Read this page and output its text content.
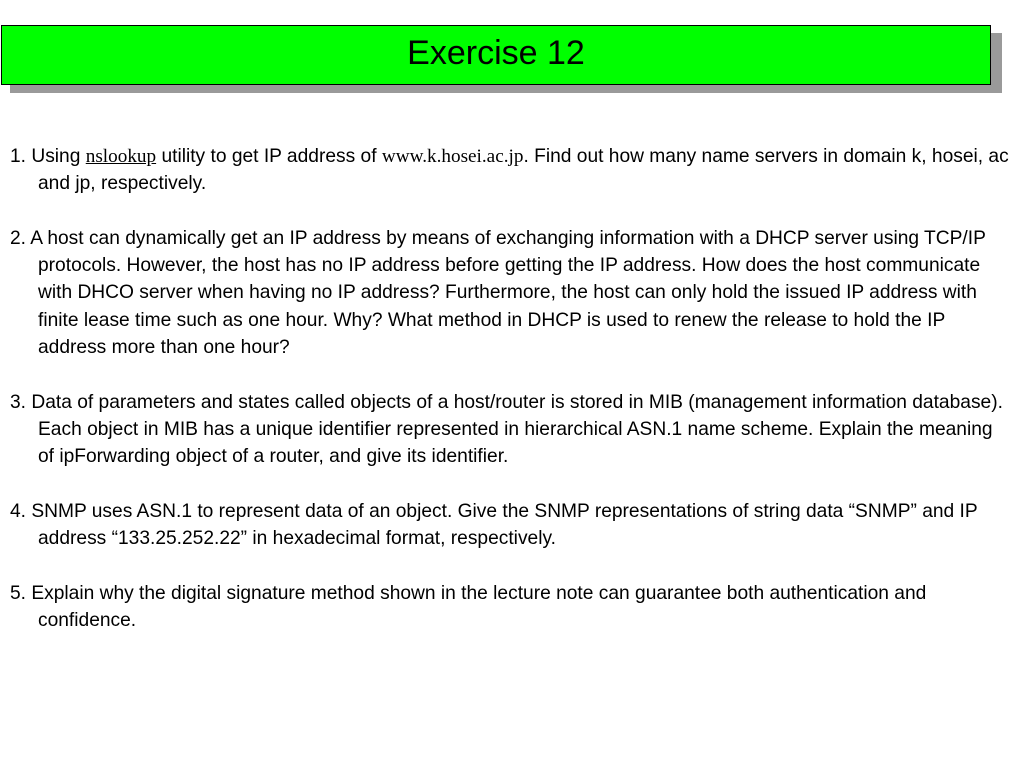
Exercise 12

1. Using nslookup utility to get IP address of www.k.hosei.ac.jp. Find out how many name servers in domain k, hosei, ac and jp, respectively.

2. A host can dynamically get an IP address by means of exchanging information with a DHCP server using TCP/IP protocols. However, the host has no IP address before getting the IP address. How does the host communicate with DHCO server when having no IP address? Furthermore, the host can only hold the issued IP address with finite lease time such as one hour. Why? What method in DHCP is used to renew the release to hold the IP address more than one hour?

3. Data of parameters and states called objects of a host/router is stored in MIB (management information database). Each object in MIB has a unique identifier represented in hierarchical ASN.1 name scheme. Explain the meaning of ipForwarding object of a router, and give its identifier.

4. SNMP uses ASN.1 to represent data of an object. Give the SNMP representations of string data “SNMP” and IP address “133.25.252.22” in hexadecimal format, respectively.

5. Explain why the digital signature method shown in the lecture note can guarantee both authentication and confidence.
